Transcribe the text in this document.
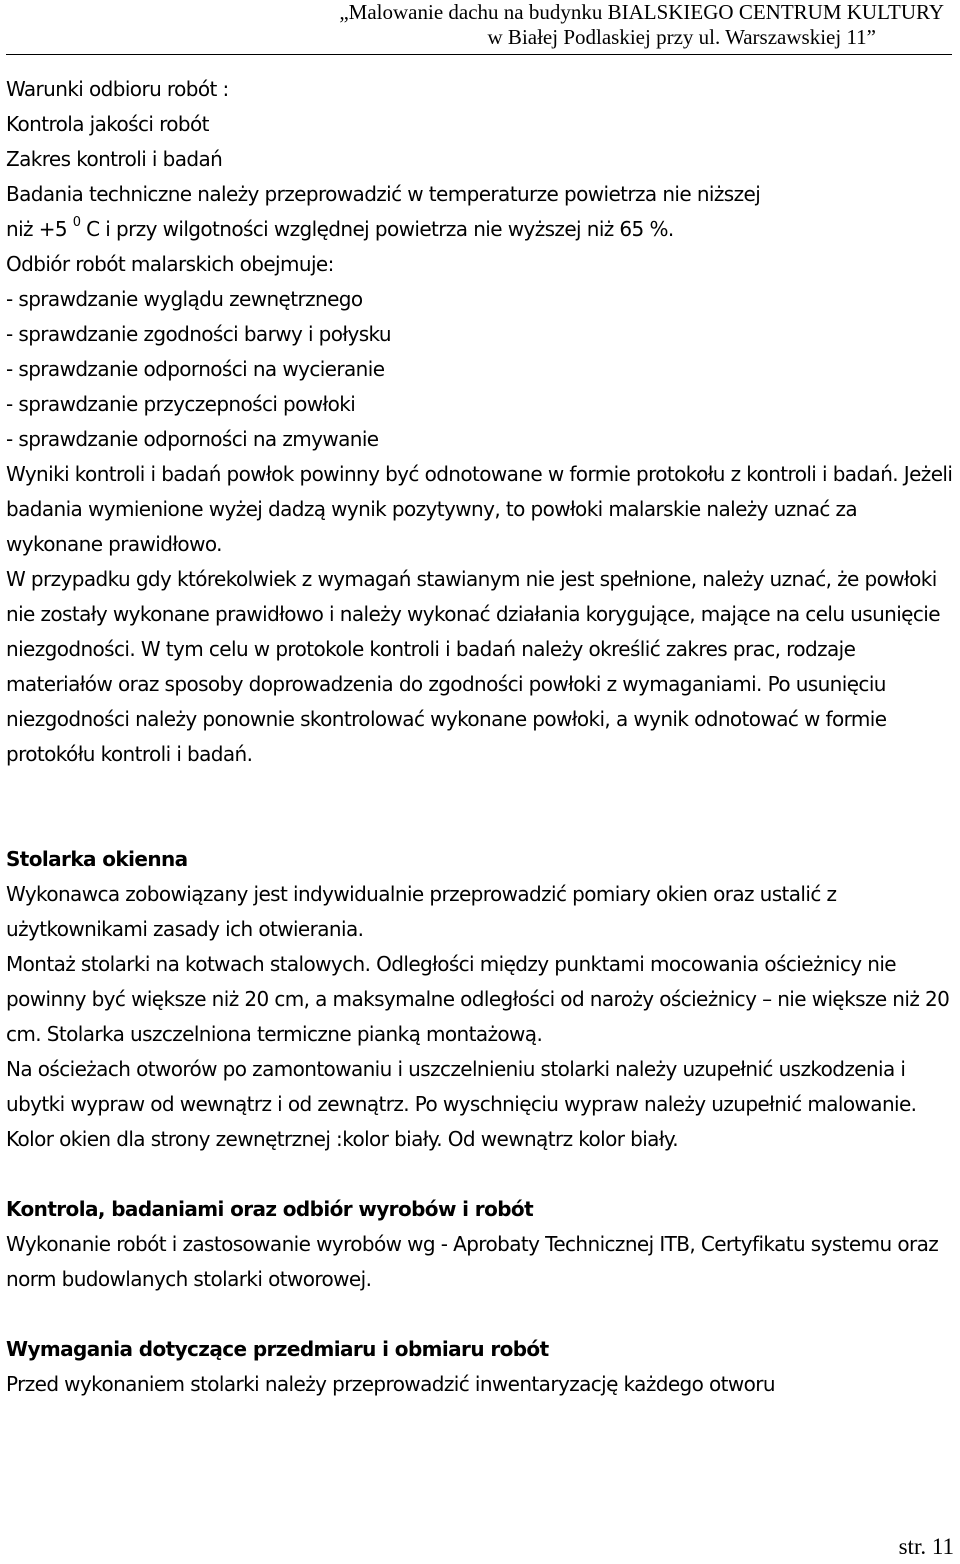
„Malowanie dachu na budynku BIALSKIEGO CENTRUM KULTURY
w Białej Podlaskiej przy ul. Warszawskiej 11”

Warunki odbioru robót :

Kontrola jakości robót

Zakres kontroli i badań

Badania techniczne należy przeprowadzić w temperaturze powietrza nie niższej

niż +5 $^0$ C i przy wilgotności względnej powietrza nie wyższej niż 65 %.

Odbiór robót malarskich obejmuje:

- sprawdzanie wyglądu zewnętrznego

- sprawdzanie zgodności barwy i połysku

- sprawdzanie odporności na wycieranie

- sprawdzanie przyczepności powłoki

- sprawdzanie odporności na zmywanie

Wyniki kontroli i badań powłok powinny być odnotowane w formie protokołu z kontroli i badań. Jeżeli badania wymienione wyżej dadzą wynik pozytywny, to powłoki malarskie należy uznać za wykonane prawidłowo.

W przypadku gdy którekolwiek z wymagań stawianym nie jest spełnione, należy uznać, że powłoki nie zostały wykonane prawidłowo i należy wykonać działania korygujące, mające na celu usunięcie niezgodności. W tym celu w protokole kontroli i badań należy określić zakres prac, rodzaje materiałów oraz sposoby doprowadzenia do zgodności powłoki z wymaganiami. Po usunięciu niezgodności należy ponownie skontrolować wykonane powłoki, a wynik odnotować w formie protokółu kontroli i badań.

Stolarka okienna

Wykonawca zobowiązany jest indywidualnie przeprowadzić pomiary okien oraz ustalić z użytkownikami zasady ich otwierania.

Montaż stolarki na kotwach stalowych. Odległości między punktami mocowania ościeżnicy nie powinny być większe niż 20 cm, a maksymalne odległości od naroży ościeżnicy – nie większe niż 20 cm. Stolarka uszczelniona termiczne pianką montażową.

Na ościeżach otworów po zamontowaniu i uszczelnieniu stolarki należy uzupełnić uszkodzenia i ubytki wypraw od wewnątrz i od zewnątrz. Po wyschnięciu wypraw należy uzupełnić malowanie.

Kolor okien dla strony zewnętrznej :kolor biały. Od wewnątrz kolor biały.

Kontrola, badaniami oraz odbiór wyrobów i robót

Wykonanie robót i zastosowanie wyrobów wg - Aprobaty Technicznej ITB, Certyfikatu systemu oraz norm budowlanych stolarki otworowej.

Wymagania dotyczące przedmiaru i obmiaru robót

Przed wykonaniem stolarki należy przeprowadzić inwentaryzację każdego otworu

str. 11
